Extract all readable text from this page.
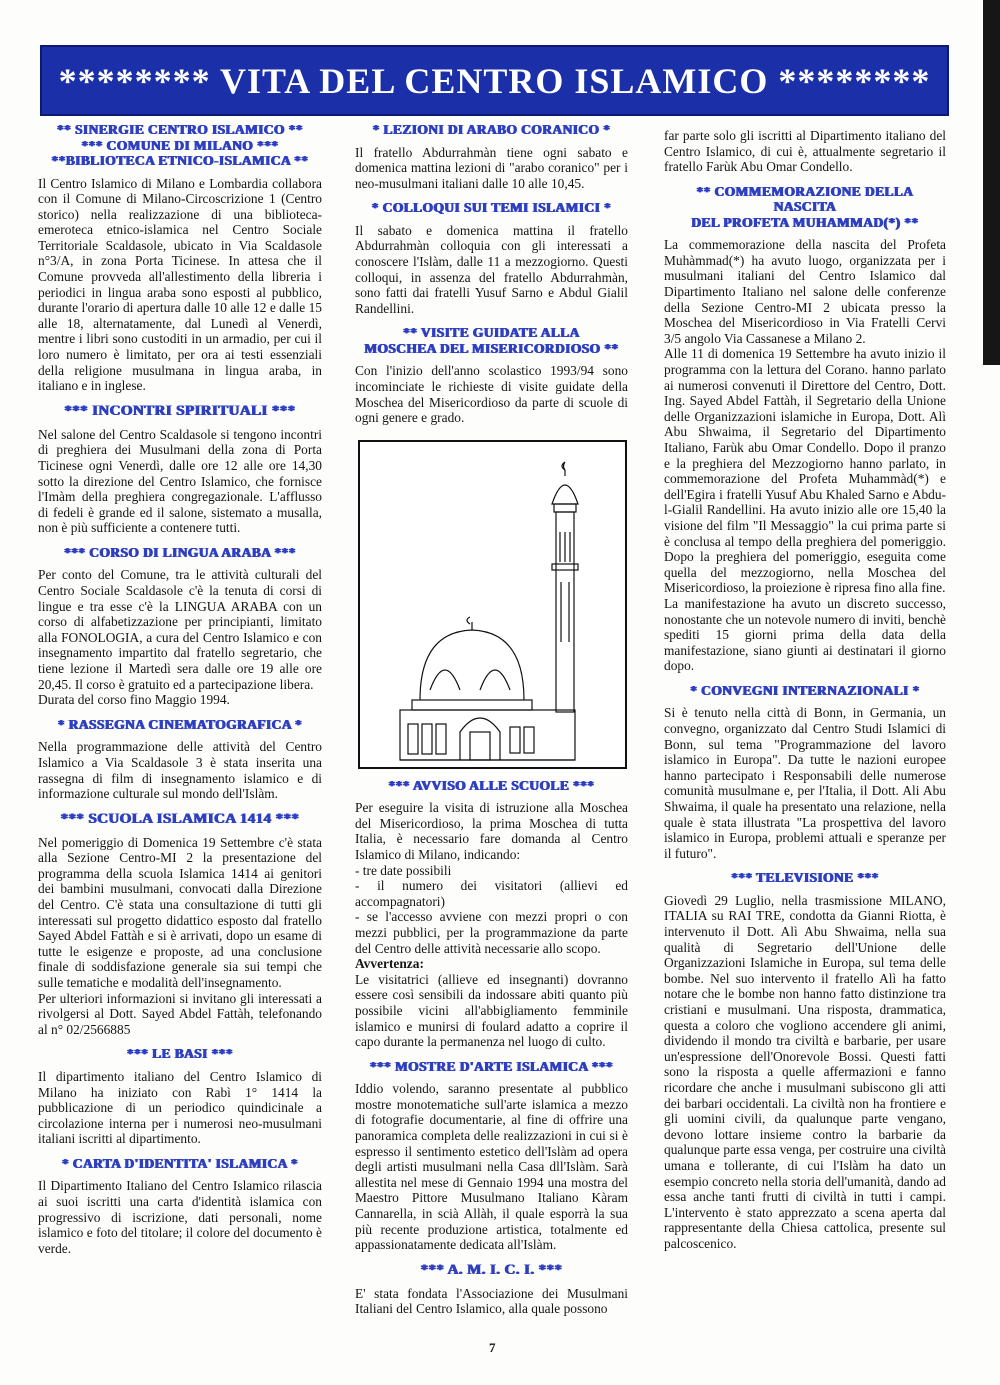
******** VITA DEL CENTRO ISLAMICO ********
** SINERGIE CENTRO ISLAMICO **
*** COMUNE DI MILANO ***
**BIBLIOTECA ETNICO-ISLAMICA **

Il Centro Islamico di Milano e Lombardia collabora con il Comune di Milano-Circoscrizione 1 (Centro storico) nella realizzazione di una biblioteca-emeroteca etnico-islamica nel Centro Sociale Territoriale Scaldasole, ubicato in Via Scaldasole n°3/A, in zona Porta Ticinese. In attesa che il Comune provveda all'allestimento della libreria i periodici in lingua araba sono esposti al pubblico, durante l'orario di apertura dalle 10 alle 12 e dalle 15 alle 18, alternatamente, dal Lunedì al Venerdì, mentre i libri sono custoditi in un armadio, per cui il loro numero è limitato, per ora ai testi essenziali della religione musulmana in lingua araba, in italiano e in inglese.

*** INCONTRI SPIRITUALI ***

Nel salone del Centro Scaldasole si tengono incontri di preghiera dei Musulmani della zona di Porta Ticinese ogni Venerdì, dalle ore 12 alle ore 14,30 sotto la direzione del Centro Islamico, che fornisce l'Imàm della preghiera congregazionale. L'afflusso di fedeli è grande ed il salone, sistemato a musalla, non è più sufficiente a contenere tutti.

*** CORSO DI LINGUA ARABA ***

Per conto del Comune, tra le attività culturali del Centro Sociale Scaldasole c'è la tenuta di corsi di lingue e tra esse c'è la LINGUA ARABA con un corso di alfabetizzazione per principianti, limitato alla FONOLOGIA, a cura del Centro Islamico e con insegnamento impartito dal fratello segretario, che tiene lezione il Martedì sera dalle ore 19 alle ore 20,45. Il corso è gratuito ed a partecipazione libera.

Durata del corso fino Maggio 1994.

* RASSEGNA CINEMATOGRAFICA *

Nella programmazione delle attività del Centro Islamico a Via Scaldasole 3 è stata inserita una rassegna di film di insegnamento islamico e di informazione culturale sul mondo dell'Islàm.

*** SCUOLA ISLAMICA 1414 ***

Nel pomeriggio di Domenica 19 Settembre c'è stata alla Sezione Centro-MI 2 la presentazione del programma della scuola Islamica 1414 ai genitori dei bambini musulmani, convocati dalla Direzione del Centro. C'è stata una consultazione di tutti gli interessati sul progetto didattico esposto dal fratello Sayed Abdel Fattàh e si è arrivati, dopo un esame di tutte le esigenze e proposte, ad una conclusione finale di soddisfazione generale sia sui tempi che sulle tematiche e modalità dell'insegnamento.

Per ulteriori informazioni si invitano gli interessati a rivolgersi al Dott. Sayed Abdel Fattàh, telefonando al n° 02/2566885

*** LE BASI ***

Il dipartimento italiano del Centro Islamico di Milano ha iniziato con Rabì 1° 1414 la pubblicazione di un periodico quindicinale a circolazione interna per i numerosi neo-musulmani italiani iscritti al dipartimento.

* CARTA D'IDENTITA' ISLAMICA *

Il Dipartimento Italiano del Centro Islamico rilascia ai suoi iscritti una carta d'identità islamica con progressivo di iscrizione, dati personali, nome islamico e foto del titolare; il colore del documento è verde.

* LEZIONI DI ARABO CORANICO *

Il fratello Abdurrahmàn tiene ogni sabato e domenica mattina lezioni di "arabo coranico" per i neo-musulmani italiani dalle 10 alle 10,45.

* COLLOQUI SUI TEMI ISLAMICI *

Il sabato e domenica mattina il fratello Abdurrahmàn colloquia con gli interessati a conoscere l'Islàm, dalle 11 a mezzogiorno. Questi colloqui, in assenza del fratello Abdurrahmàn, sono fatti dai fratelli Yusuf Sarno e Abdul Gialil Randellini.

** VISITE GUIDATE ALLA
MOSCHEA DEL MISERICORDIOSO **

Con l'inizio dell'anno scolastico 1993/94 sono incominciate le richieste di visite guidate della Moschea del Misericordioso da parte di scuole di ogni genere e grado.

*** AVVISO ALLE SCUOLE ***

Per eseguire la visita di istruzione alla Moschea del Misericordioso, la prima Moschea di tutta Italia, è necessario fare domanda al Centro Islamico di Milano, indicando:

- tre date possibili

- il numero dei visitatori (allievi ed accompagnatori)

- se l'accesso avviene con mezzi propri o con mezzi pubblici, per la programmazione da parte del Centro delle attività necessarie allo scopo.

Avvertenza:

Le visitatrici (allieve ed insegnanti) dovranno essere così sensibili da indossare abiti quanto più possibile vicini all'abbigliamento femminile islamico e munirsi di foulard adatto a coprire il capo durante la permanenza nel luogo di culto.

*** MOSTRE D'ARTE ISLAMICA ***

Iddio volendo, saranno presentate al pubblico mostre monotematiche sull'arte islamica a mezzo di fotografie documentarie, al fine di offrire una panoramica completa delle realizzazioni in cui si è espresso il sentimento estetico dell'Islàm ad opera degli artisti musulmani nella Casa dll'Islàm. Sarà allestita nel mese di Gennaio 1994 una mostra del Maestro Pittore Musulmano Italiano Kàram Cannarella, in scià Allàh, il quale esporrà la sua più recente produzione artistica, totalmente ed appassionatamente dedicata all'Islàm.

*** A. M. I. C. I. ***

E' stata fondata l'Associazione dei Musulmani Italiani del Centro Islamico, alla quale possono

far parte solo gli iscritti al Dipartimento italiano del Centro Islamico, di cui è, attualmente segretario il fratello Farùk Abu Omar Condello.

** COMMEMORAZIONE DELLA NASCITA
DEL PROFETA MUHAMMAD(*) **

La commemorazione della nascita del Profeta Muhàmmad(*) ha avuto luogo, organizzata per i musulmani italiani del Centro Islamico dal Dipartimento Italiano nel salone delle conferenze della Sezione Centro-MI 2 ubicata presso la Moschea del Misericordioso in Via Fratelli Cervi 3/5 angolo Via Cassanese a Milano 2.

Alle 11 di domenica 19 Settembre ha avuto inizio il programma con la lettura del Corano. hanno parlato ai numerosi convenuti il Direttore del Centro, Dott. Ing. Sayed Abdel Fattàh, il Segretario della Unione delle Organizzazioni islamiche in Europa, Dott. Alì Abu Shwaima, il Segretario del Dipartimento Italiano, Farùk abu Omar Condello. Dopo il pranzo e la preghiera del Mezzogiorno hanno parlato, in commemorazione del Profeta Muhammàd(*) e dell'Egira i fratelli Yusuf Abu Khaled Sarno e Abdu-l-Gialil Randellini. Ha avuto inizio alle ore 15,40 la visione del film "Il Messaggio" la cui prima parte si è conclusa al tempo della preghiera del pomeriggio. Dopo la preghiera del pomeriggio, eseguita come quella del mezzogiorno, nella Moschea del Misericordioso, la proiezione è ripresa fino alla fine.

La manifestazione ha avuto un discreto successo, nonostante che un notevole numero di inviti, benchè spediti 15 giorni prima della data della manifestazione, siano giunti ai destinatari il giorno dopo.

* CONVEGNI INTERNAZIONALI *

Si è tenuto nella città di Bonn, in Germania, un convegno, organizzato dal Centro Studi Islamici di Bonn, sul tema "Programmazione del lavoro islamico in Europa". Da tutte le nazioni europee hanno partecipato i Responsabili delle numerose comunità musulmane e, per l'Italia, il Dott. Ali Abu Shwaima, il quale ha presentato una relazione, nella quale è stata illustrata "La prospettiva del lavoro islamico in Europa, problemi attuali e speranze per il futuro".

*** TELEVISIONE ***

Giovedì 29 Luglio, nella trasmissione MILANO, ITALIA su RAI TRE, condotta da Gianni Riotta, è intervenuto il Dott. Alì Abu Shwaima, nella sua qualità di Segretario dell'Unione delle Organizzazioni Islamiche in Europa, sul tema delle bombe. Nel suo intervento il fratello Alì ha fatto notare che le bombe non hanno fatto distinzione tra cristiani e musulmani. Una risposta, drammatica, questa a coloro che vogliono accendere gli animi, dividendo il mondo tra civiltà e barbarie, per usare un'espressione dell'Onorevole Bossi. Questi fatti sono la risposta a quelle affermazioni e fanno ricordare che anche i musulmani subiscono gli atti dei barbari occidentali. La civiltà non ha frontiere e gli uomini civili, da qualunque parte vengano, devono lottare insieme contro la barbarie da qualunque parte essa venga, per costruire una civiltà umana e tollerante, di cui l'Islàm ha dato un esempio concreto nella storia dell'umanità, dando ad essa anche tanti frutti di civiltà in tutti i campi. L'intervento è stato apprezzato a scena aperta dal rappresentante della Chiesa cattolica, presente sul palcoscenico.

7
